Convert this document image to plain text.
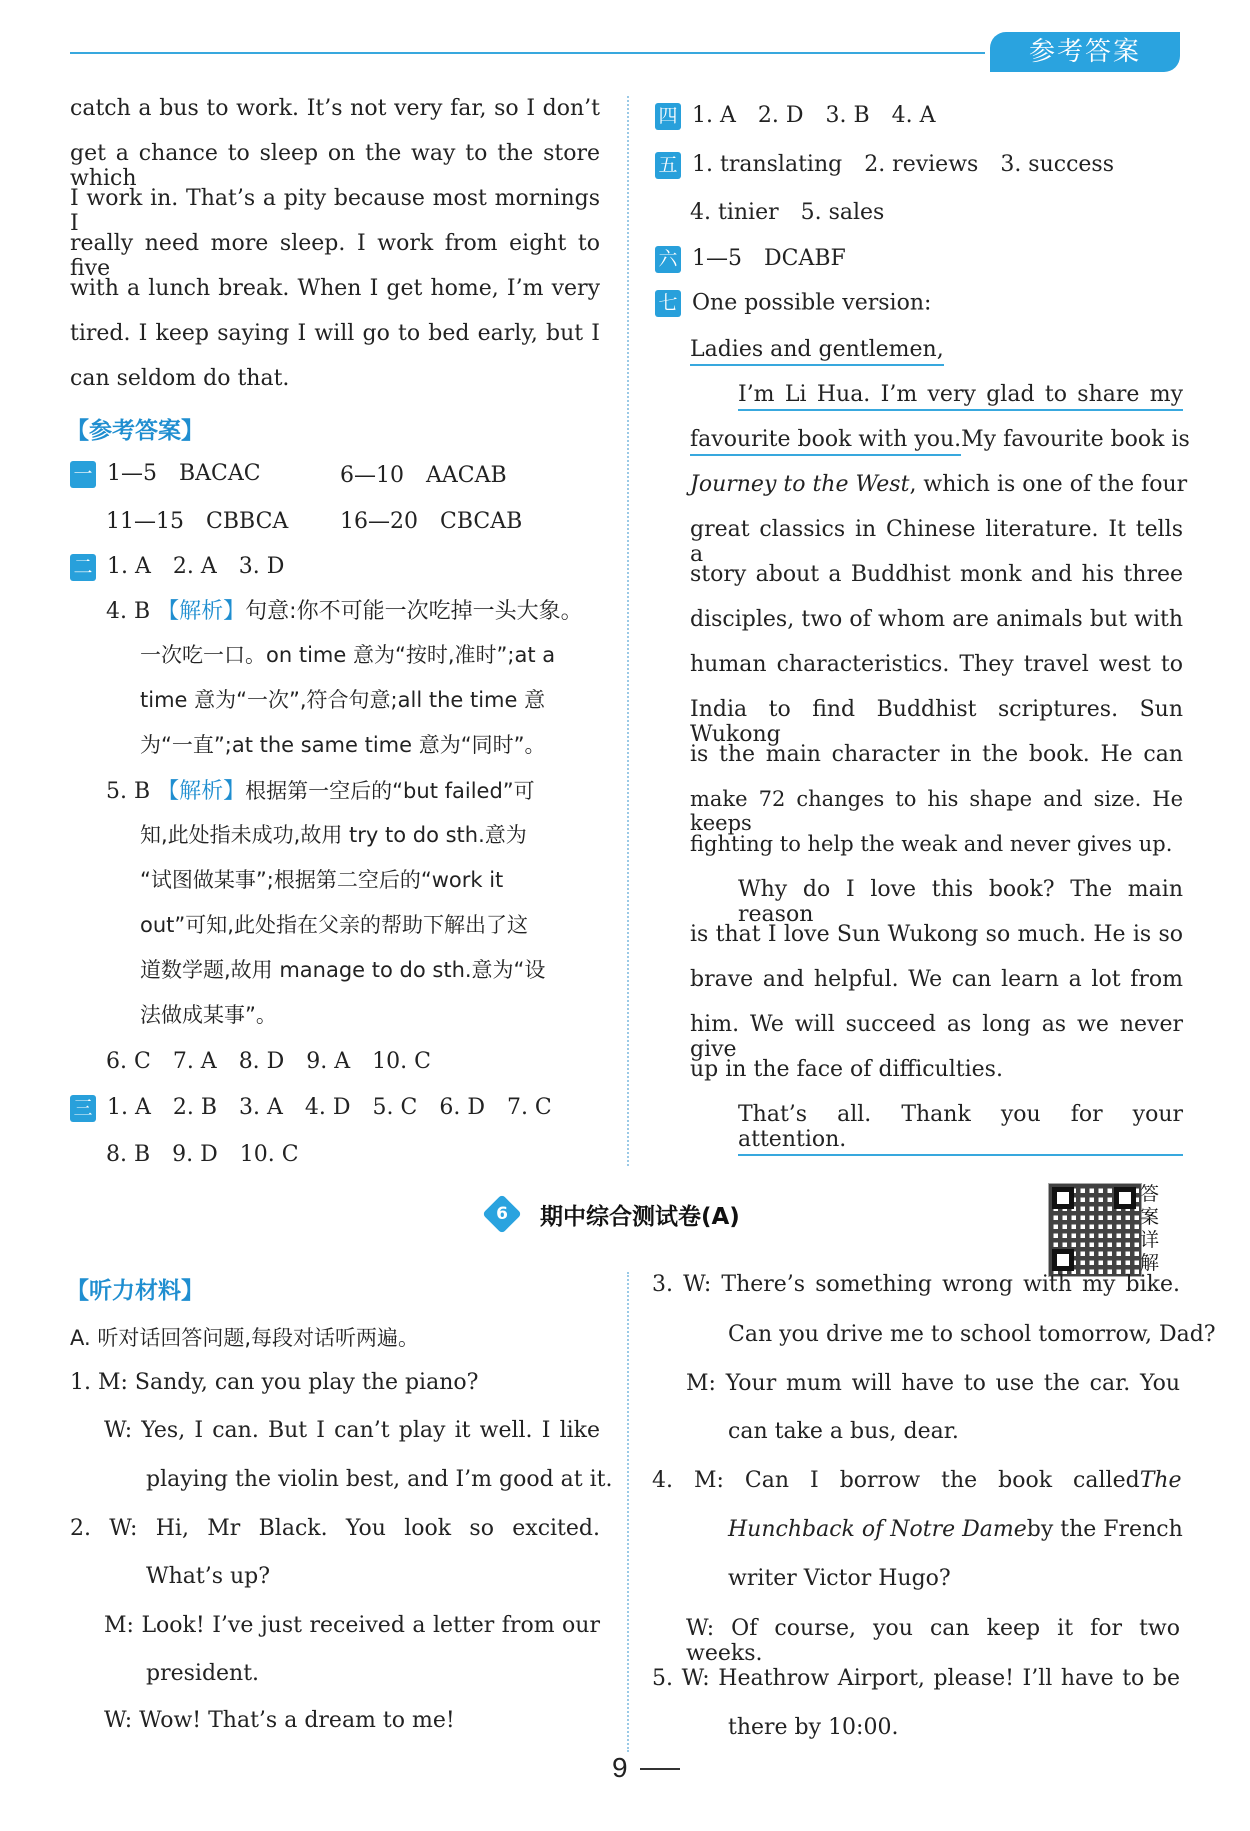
参考答案
catch a bus to work. It’s not very far, so I don’t
get a chance to sleep on the way to the store which
I work in. That’s a pity because most mornings I
really need more sleep. I work from eight to five
with a lunch break. When I get home, I’m very
tired. I keep saying I will go to bed early, but I
can seldom do that.
【参考答案】
一 1—5　BACAC	6—10　AACAB
11—15　CBBCA 16—20　CBCAB
二 1. A　2. A　3. D
4. B 【解析】句意:你不可能一次吃掉一头大象。
一次吃一口。on time 意为“按时,准时”;at a
time 意为“一次”,符合句意;all the time 意
为“一直”;at the same time 意为“同时”。
5. B 【解析】根据第一空后的“but failed”可
知,此处指未成功,故用 try to do sth.意为
“试图做某事”;根据第二空后的“work it
out”可知,此处指在父亲的帮助下解出了这
道数学题,故用 manage to do sth.意为“设
法做成某事”。
6. C　7. A　8. D　9. A　10. C
三 1. A　2. B　3. A　4. D　5. C　6. D　7. C
8. B　9. D　10. C
四 1. A　2. D　3. B　4. A
五 1. translating　2. reviews　3. success
4. tinier　5. sales
六 1—5　DCABF
七 One possible version:
Ladies and gentlemen,
I’m Li Hua. I’m very glad to share my
favourite book with you. My favourite book is
Journey to the West , which is one of the four
great classics in Chinese literature. It tells a
story about a Buddhist monk and his three
disciples, two of whom are animals but with
human characteristics. They travel west to
India to find Buddhist scriptures. Sun Wukong
is the main character in the book. He can
make 72 changes to his shape and size. He keeps
fighting to help the weak and never gives up.
Why do I love this book? The main reason
is that I love Sun Wukong so much. He is so
brave and helpful. We can learn a lot from
him. We will succeed as long as we never give
up in the face of difficulties.
That’s all. Thank you for your attention.
6	期中综合测试卷(A)
答案详解
【听力材料】
A. 听对话回答问题,每段对话听两遍。
1. M: Sandy, can you play the piano?
W: Yes, I can. But I can’t play it well. I like
playing the violin best, and I’m good at it.
2. W: Hi, Mr Black. You look so excited.
What’s up?
M: Look! I’ve just received a letter from our
president.
W: Wow! That’s a dream to me!
3. W: There’s something wrong with my bike.
Can you drive me to school tomorrow, Dad?
M: Your mum will have to use the car. You
can take a bus, dear.
4. M: Can I borrow the book called The
Hunchback of Notre Dame by the French
writer Victor Hugo?
W: Of course, you can keep it for two weeks.
5. W: Heathrow Airport, please! I’ll have to be
there by 10:00.
9
